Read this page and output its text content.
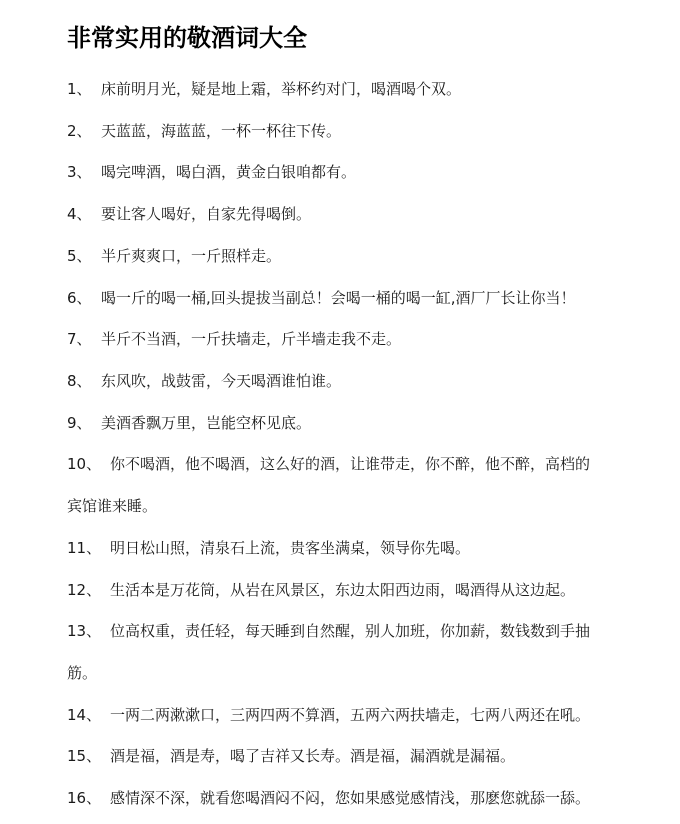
非常实用的敬酒词大全
1、 床前明月光，疑是地上霜，举杯约对门，喝酒喝个双。
2、 天蓝蓝，海蓝蓝，一杯一杯往下传。
3、 喝完啤酒，喝白酒，黄金白银咱都有。
4、 要让客人喝好，自家先得喝倒。
5、 半斤爽爽口，一斤照样走。
6、 喝一斤的喝一桶,回头提拔当副总！会喝一桶的喝一缸,酒厂厂长让你当！
7、 半斤不当酒，一斤扶墙走，斤半墙走我不走。
8、 东风吹，战鼓雷，今天喝酒谁怕谁。
9、 美酒香飘万里，岂能空杯见底。
10、 你不喝酒，他不喝酒，这么好的酒，让谁带走，你不醉，他不醉，高档的
宾馆谁来睡。
11、 明日松山照，清泉石上流，贵客坐满桌，领导你先喝。
12、 生活本是万花筒，从岩在风景区，东边太阳西边雨，喝酒得从这边起。
13、 位高权重，责任轻，每天睡到自然醒，别人加班，你加薪，数钱数到手抽
筋。
14、 一两二两漱漱口，三两四两不算酒，五两六两扶墙走，七两八两还在吼。
15、 酒是福，酒是寿，喝了吉祥又长寿。酒是福，漏酒就是漏福。
16、 感情深不深，就看您喝酒闷不闷，您如果感觉感情浅，那麽您就舔一舔。
